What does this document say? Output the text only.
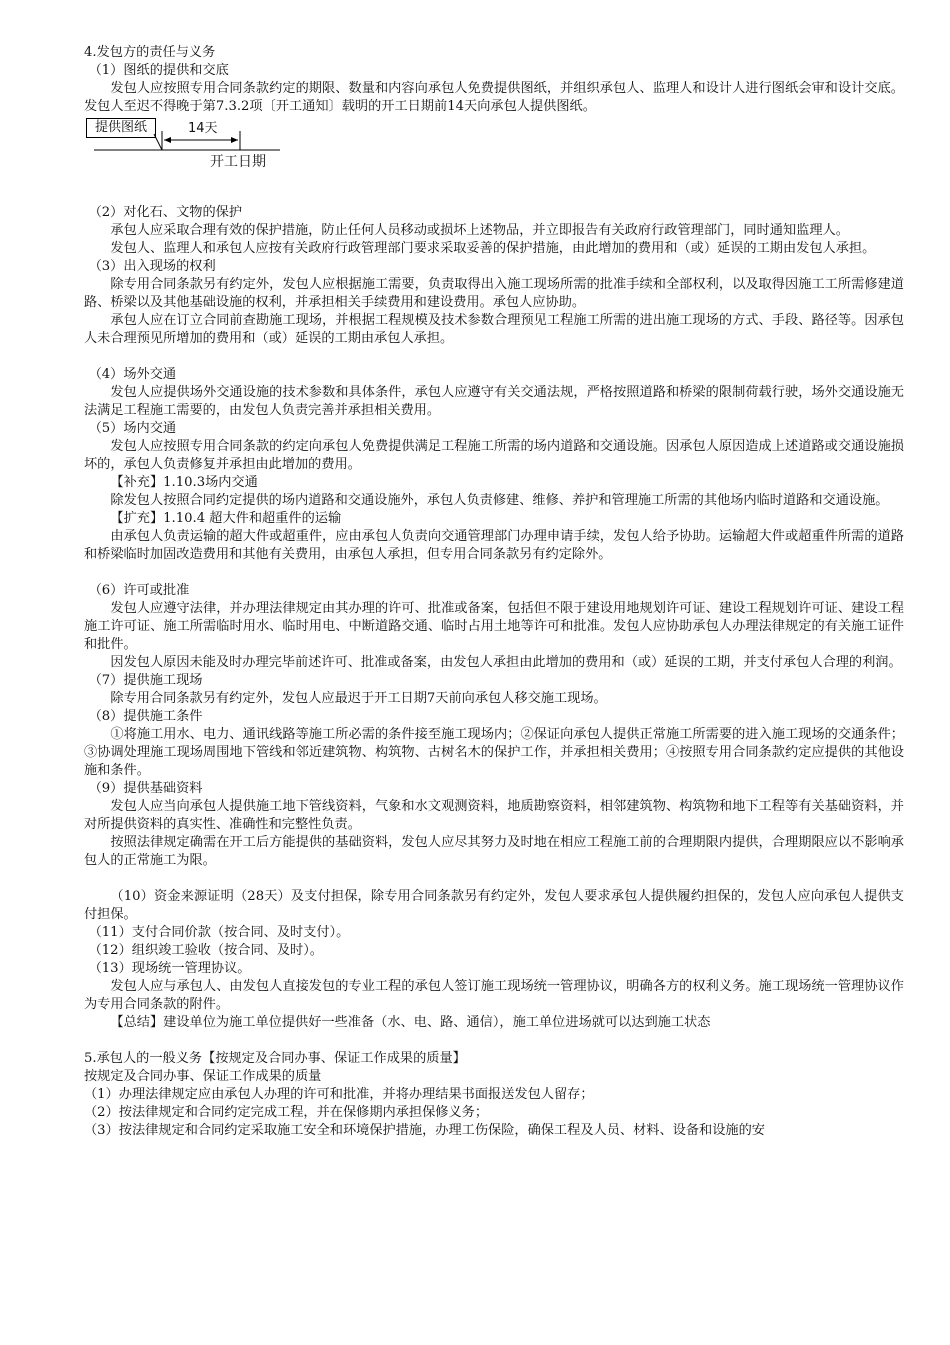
4.发包方的责任与义务

（1）图纸的提供和交底

发包人应按照专用合同条款约定的期限、数量和内容向承包人免费提供图纸，并组织承包人、监理人和设计人进行图纸会审和设计交底。发包人至迟不得晚于第7.3.2项〔开工通知〕载明的开工日期前14天向承包人提供图纸。

提供图纸	14天
开工日期

（2）对化石、文物的保护

承包人应采取合理有效的保护措施，防止任何人员移动或损坏上述物品，并立即报告有关政府行政管理部门，同时通知监理人。

发包人、监理人和承包人应按有关政府行政管理部门要求采取妥善的保护措施，由此增加的费用和（或）延误的工期由发包人承担。

（3）出入现场的权利

除专用合同条款另有约定外，发包人应根据施工需要，负责取得出入施工现场所需的批准手续和全部权利，以及取得因施工工所需修建道路、桥梁以及其他基础设施的权利，并承担相关手续费用和建设费用。承包人应协助。

承包人应在订立合同前查勘施工现场，并根据工程规模及技术参数合理预见工程施工所需的进出施工现场的方式、手段、路径等。因承包人未合理预见所增加的费用和（或）延误的工期由承包人承担。

（4）场外交通

发包人应提供场外交通设施的技术参数和具体条件，承包人应遵守有关交通法规，严格按照道路和桥梁的限制荷载行驶，场外交通设施无法满足工程施工需要的，由发包人负责完善并承担相关费用。

（5）场内交通

发包人应按照专用合同条款的约定向承包人免费提供满足工程施工所需的场内道路和交通设施。因承包人原因造成上述道路或交通设施损坏的，承包人负责修复并承担由此增加的费用。

【补充】1.10.3场内交通

除发包人按照合同约定提供的场内道路和交通设施外，承包人负责修建、维修、养护和管理施工所需的其他场内临时道路和交通设施。

【扩充】1.10.4 超大件和超重件的运输

由承包人负责运输的超大件或超重件，应由承包人负责向交通管理部门办理申请手续，发包人给予协助。运输超大件或超重件所需的道路和桥梁临时加固改造费用和其他有关费用，由承包人承担，但专用合同条款另有约定除外。

（6）许可或批准

发包人应遵守法律，并办理法律规定由其办理的许可、批准或备案，包括但不限于建设用地规划许可证、建设工程规划许可证、建设工程施工许可证、施工所需临时用水、临时用电、中断道路交通、临时占用土地等许可和批准。发包人应协助承包人办理法律规定的有关施工证件和批件。

因发包人原因未能及时办理完毕前述许可、批准或备案，由发包人承担由此增加的费用和（或）延误的工期，并支付承包人合理的利润。

（7）提供施工现场

除专用合同条款另有约定外，发包人应最迟于开工日期7天前向承包人移交施工现场。

（8）提供施工条件

①将施工用水、电力、通讯线路等施工所必需的条件接至施工现场内；②保证向承包人提供正常施工所需要的进入施工现场的交通条件；③协调处理施工现场周围地下管线和邻近建筑物、构筑物、古树名木的保护工作，并承担相关费用；④按照专用合同条款约定应提供的其他设施和条件。

（9）提供基础资料

发包人应当向承包人提供施工地下管线资料，气象和水文观测资料，地质勘察资料，相邻建筑物、构筑物和地下工程等有关基础资料，并对所提供资料的真实性、准确性和完整性负责。

按照法律规定确需在开工后方能提供的基础资料，发包人应尽其努力及时地在相应工程施工前的合理期限内提供，合理期限应以不影响承包人的正常施工为限。

（10）资金来源证明（28天）及支付担保，除专用合同条款另有约定外，发包人要求承包人提供履约担保的，发包人应向承包人提供支付担保。

（11）支付合同价款（按合同、及时支付）。

（12）组织竣工验收（按合同、及时）。

（13）现场统一管理协议。

发包人应与承包人、由发包人直接发包的专业工程的承包人签订施工现场统一管理协议，明确各方的权利义务。施工现场统一管理协议作为专用合同条款的附件。

【总结】建设单位为施工单位提供好一些准备（水、电、路、通信），施工单位进场就可以达到施工状态

5.承包人的一般义务【按规定及合同办事、保证工作成果的质量】

按规定及合同办事、保证工作成果的质量

（1）办理法律规定应由承包人办理的许可和批准，并将办理结果书面报送发包人留存；

（2）按法律规定和合同约定完成工程，并在保修期内承担保修义务；

（3）按法律规定和合同约定采取施工安全和环境保护措施，办理工伤保险，确保工程及人员、材料、设备和设施的安
